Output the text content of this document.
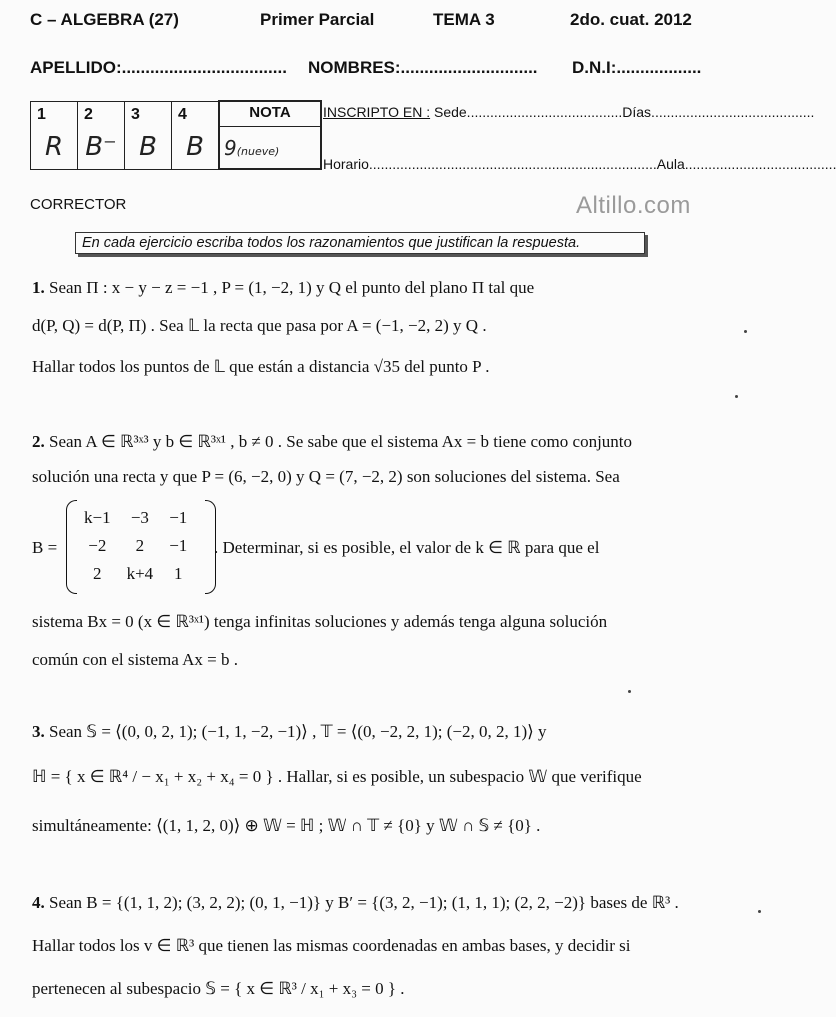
C – ALGEBRA (27)	Primer Parcial	TEMA 3	2do. cuat. 2012
APELLIDO:................................... NOMBRES:............................. D.N.I:..................
1
R

2
B⁻

3
B

4
B

NOTA
9(nueve)
INSCRIPTO EN : Sede........................................Días..........................................
Horario..........................................................................Aula.......................................
CORRECTOR	Altillo.com
En cada ejercicio escriba todos los razonamientos que justifican la respuesta.
1. Sean Π : x − y − z = −1 , P = (1, −2, 1) y Q el punto del plano Π tal que
d(P, Q) = d(P, Π) . Sea 𝕃 la recta que pasa por A = (−1, −2, 2) y Q .
Hallar todos los puntos de 𝕃 que están a distancia √35 del punto P .
2. Sean A ∈ ℝ³ˣ³ y b ∈ ℝ³ˣ¹ , b ≠ 0 . Se sabe que el sistema Ax = b tiene como conjunto
solución una recta y que P = (6, −2, 0) y Q = (7, −2, 2) son soluciones del sistema. Sea
B =
k−1	−3	−1
−2	2	−1
2	k+4	1
. Determinar, si es posible, el valor de k ∈ ℝ para que el
sistema Bx = 0 (x ∈ ℝ³ˣ¹) tenga infinitas soluciones y además tenga alguna solución
común con el sistema Ax = b .
3. Sean 𝕊 = ⟨(0, 0, 2, 1); (−1, 1, −2, −1)⟩ , 𝕋 = ⟨(0, −2, 2, 1); (−2, 0, 2, 1)⟩ y
ℍ = { x ∈ ℝ⁴ / − x₁ + x₂ + x₄ = 0 } . Hallar, si es posible, un subespacio 𝕎 que verifique
simultáneamente: ⟨(1, 1, 2, 0)⟩ ⊕ 𝕎 = ℍ ; 𝕎 ∩ 𝕋 ≠ {0} y 𝕎 ∩ 𝕊 ≠ {0} .
4. Sean B = {(1, 1, 2); (3, 2, 2); (0, 1, −1)} y B′ = {(3, 2, −1); (1, 1, 1); (2, 2, −2)} bases de ℝ³ .
Hallar todos los v ∈ ℝ³ que tienen las mismas coordenadas en ambas bases, y decidir si
pertenecen al subespacio 𝕊 = { x ∈ ℝ³ / x₁ + x₃ = 0 } .
